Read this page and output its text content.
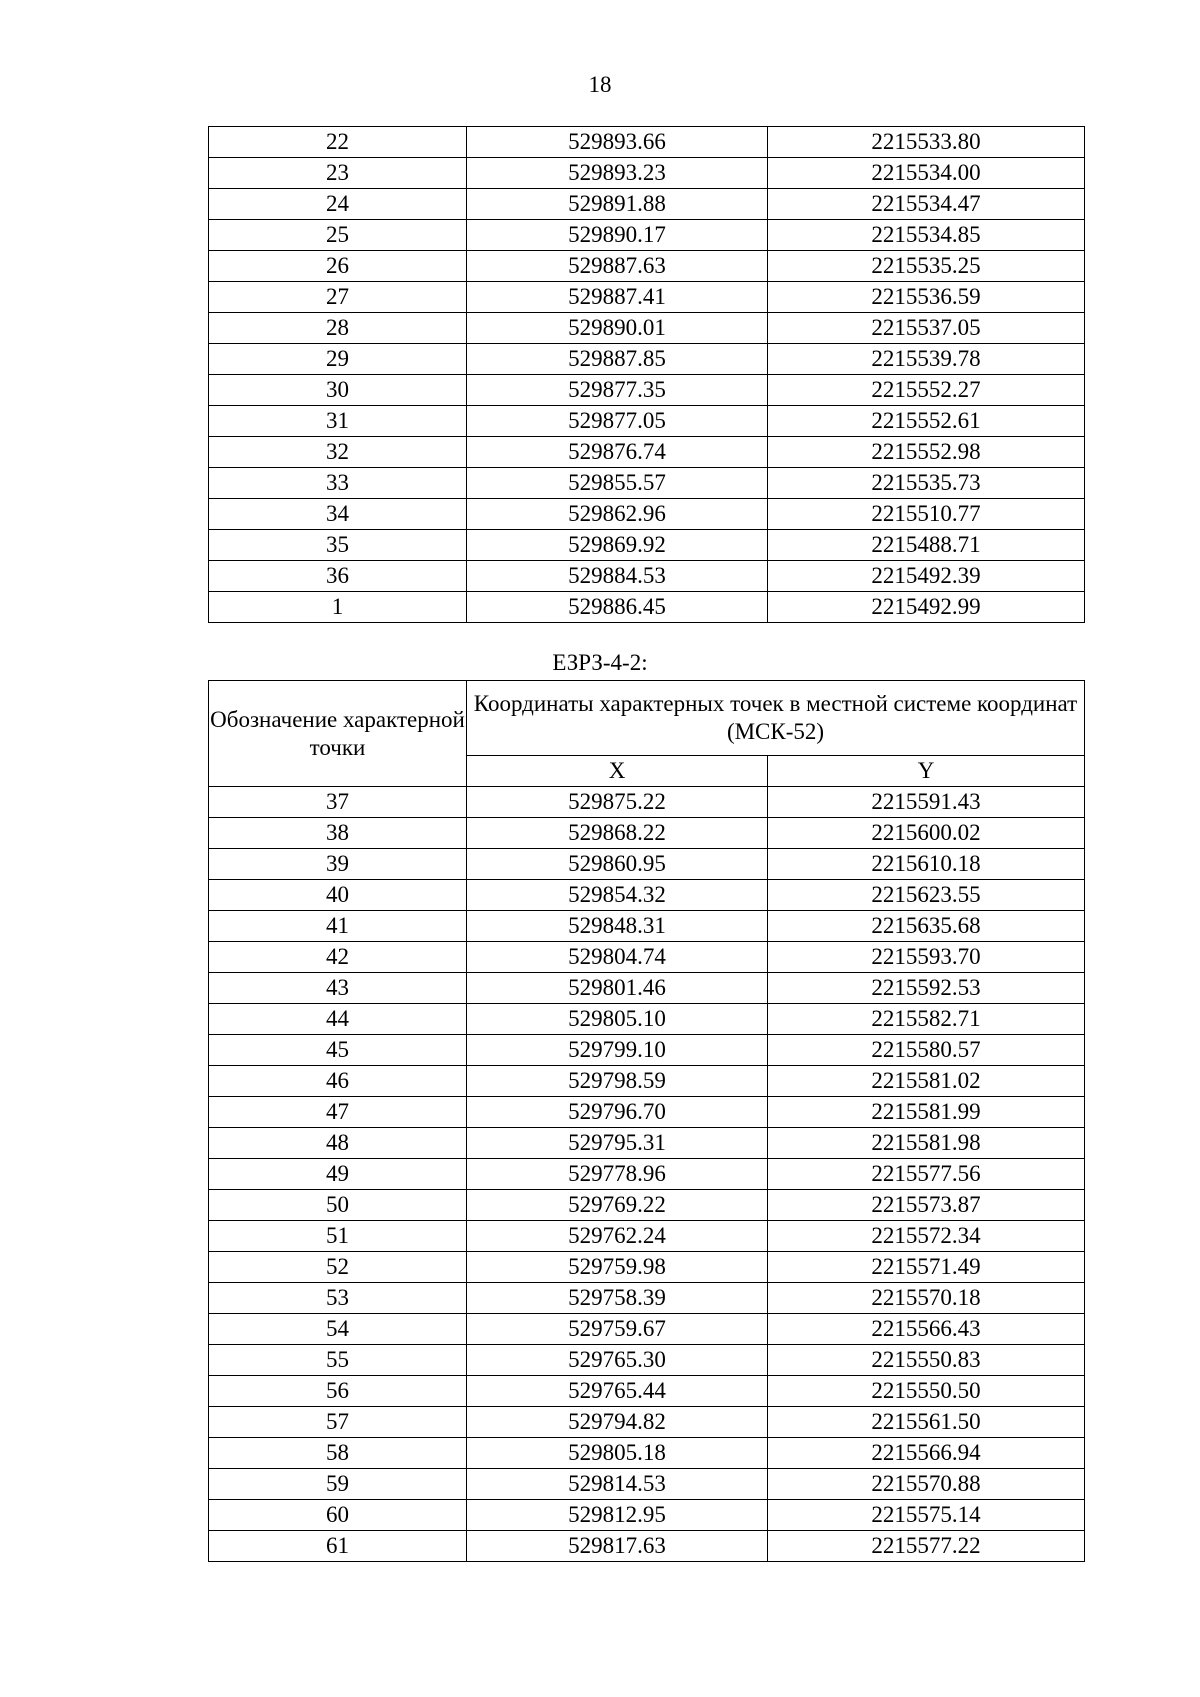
18
22	529893.66	2215533.80
23	529893.23	2215534.00
24	529891.88	2215534.47
25	529890.17	2215534.85
26	529887.63	2215535.25
27	529887.41	2215536.59
28	529890.01	2215537.05
29	529887.85	2215539.78
30	529877.35	2215552.27
31	529877.05	2215552.61
32	529876.74	2215552.98
33	529855.57	2215535.73
34	529862.96	2215510.77
35	529869.92	2215488.71
36	529884.53	2215492.39
1	529886.45	2215492.99
ЕЗРЗ-4-2:
Обозначение характерной точки	Координаты характерных точек в местной системе координат (МСК-52)	
	X	Y
37	529875.22	2215591.43
38	529868.22	2215600.02
39	529860.95	2215610.18
40	529854.32	2215623.55
41	529848.31	2215635.68
42	529804.74	2215593.70
43	529801.46	2215592.53
44	529805.10	2215582.71
45	529799.10	2215580.57
46	529798.59	2215581.02
47	529796.70	2215581.99
48	529795.31	2215581.98
49	529778.96	2215577.56
50	529769.22	2215573.87
51	529762.24	2215572.34
52	529759.98	2215571.49
53	529758.39	2215570.18
54	529759.67	2215566.43
55	529765.30	2215550.83
56	529765.44	2215550.50
57	529794.82	2215561.50
58	529805.18	2215566.94
59	529814.53	2215570.88
60	529812.95	2215575.14
61	529817.63	2215577.22
